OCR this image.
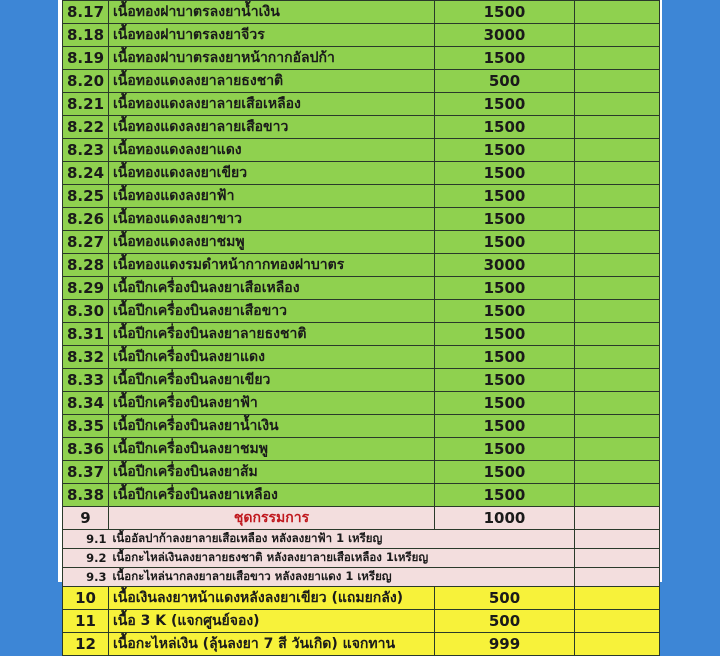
8.17	เนื้อทองฝาบาตรลงยาน้ำเงิน	1500	
8.18	เนื้อทองฝาบาตรลงยาจีวร	3000	
8.19	เนื้อทองฝาบาตรลงยาหน้ากากอัลปก้า	1500	
8.20	เนื้อทองแดงลงยาลายธงชาติ	500	
8.21	เนื้อทองแดงลงยาลายเสือเหลือง	1500	
8.22	เนื้อทองแดงลงยาลายเสือขาว	1500	
8.23	เนื้อทองแดงลงยาแดง	1500	
8.24	เนื้อทองแดงลงยาเขียว	1500	
8.25	เนื้อทองแดงลงยาฟ้า	1500	
8.26	เนื้อทองแดงลงยาขาว	1500	
8.27	เนื้อทองแดงลงยาชมพู	1500	
8.28	เนื้อทองแดงรมดำหน้ากากทองฝาบาตร	3000	
8.29	เนื้อปีกเครื่องบินลงยาเสือเหลือง	1500	
8.30	เนื้อปีกเครื่องบินลงยาเสือขาว	1500	
8.31	เนื้อปีกเครื่องบินลงยาลายธงชาติ	1500	
8.32	เนื้อปีกเครื่องบินลงยาแดง	1500	
8.33	เนื้อปีกเครื่องบินลงยาเขียว	1500	
8.34	เนื้อปีกเครื่องบินลงยาฟ้า	1500	
8.35	เนื้อปีกเครื่องบินลงยาน้ำเงิน	1500	
8.36	เนื้อปีกเครื่องบินลงยาชมพู	1500	
8.37	เนื้อปีกเครื่องบินลงยาส้ม	1500	
8.38	เนื้อปีกเครื่องบินลงยาเหลือง	1500	
9	ชุดกรรมการ	1000	
9.1	เนื้ออัลปาก้าลงยาลายเสือเหลือง หลังลงยาฟ้า 1 เหรียญ		
9.2	เนื้อกะไหล่เงินลงยาลายธงชาติ หลังลงยาลายเสือเหลือง 1เหรียญ		
9.3	เนื้อกะไหล่นากลงยาลายเสือขาว หลังลงยาแดง 1 เหรียญ		
10	เนื้อเงินลงยาหน้าแดงหลังลงยาเขียว (แถมยกลัง)	500	
11	เนื้อ 3 K (แจกศูนย์จอง)	500	
12	เนื้อกะไหล่เงิน (ลุ้นลงยา 7 สี วันเกิด) แจกทาน	999	
